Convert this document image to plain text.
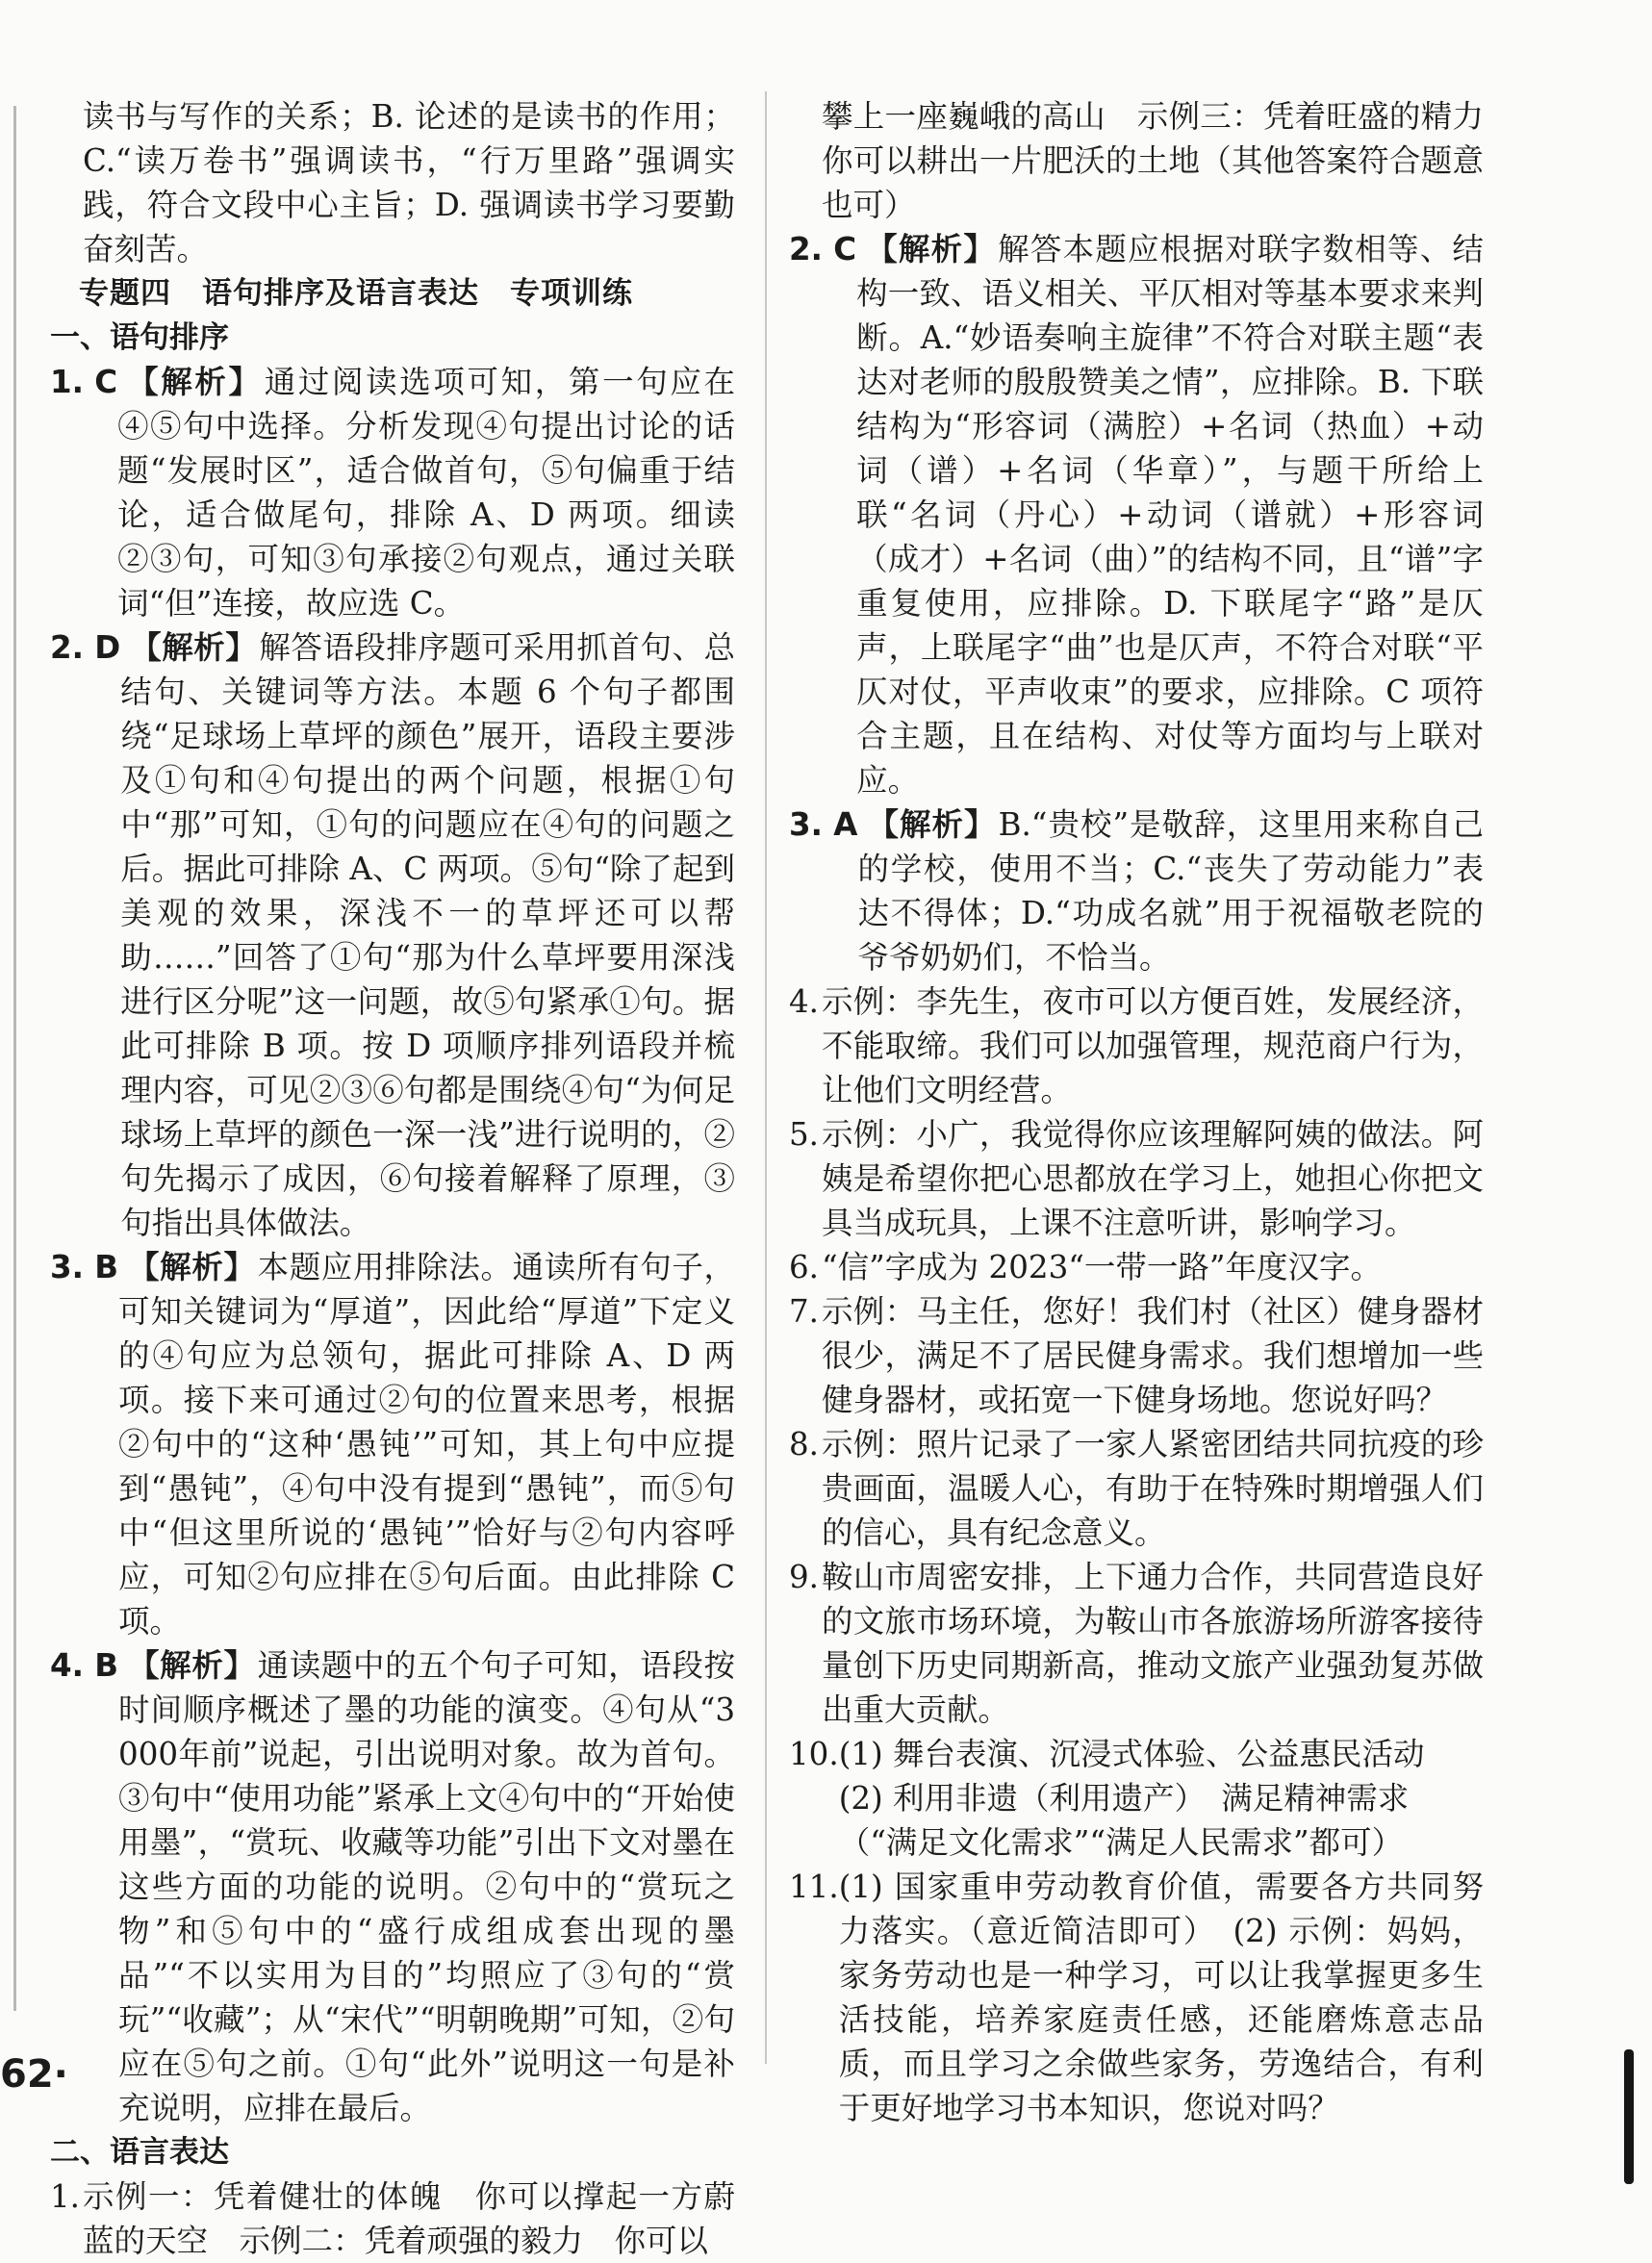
读书与写作的关系；B. 论述的是读书的作用；C.“读万卷书”强调读书，“行万里路”强调实践，符合文段中心主旨；D. 强调读书学习要勤奋刻苦。

专题四　语句排序及语言表达　专项训练

一、语句排序

1. C 【解析】通过阅读选项可知，第一句应在④⑤句中选择。分析发现④句提出讨论的话题“发展时区”，适合做首句，⑤句偏重于结论，适合做尾句，排除 A、D 两项。细读②③句，可知③句承接②句观点，通过关联词“但”连接，故应选 C。
2. D 【解析】解答语段排序题可采用抓首句、总结句、关键词等方法。本题 6 个句子都围绕“足球场上草坪的颜色”展开，语段主要涉及①句和④句提出的两个问题，根据①句中“那”可知，①句的问题应在④句的问题之后。据此可排除 A、C 两项。⑤句“除了起到美观的效果，深浅不一的草坪还可以帮助……”回答了①句“那为什么草坪要用深浅进行区分呢”这一问题，故⑤句紧承①句。据此可排除 B 项。按 D 项顺序排列语段并梳理内容，可见②③⑥句都是围绕④句“为何足球场上草坪的颜色一深一浅”进行说明的，②句先揭示了成因，⑥句接着解释了原理，③句指出具体做法。
3. B 【解析】本题应用排除法。通读所有句子，可知关键词为“厚道”，因此给“厚道”下定义的④句应为总领句，据此可排除 A、D 两项。接下来可通过②句的位置来思考，根据②句中的“这种‘愚钝’”可知，其上句中应提到“愚钝”，④句中没有提到“愚钝”，而⑤句中“但这里所说的‘愚钝’”恰好与②句内容呼应，可知②句应排在⑤句后面。由此排除 C 项。
4. B 【解析】通读题中的五个句子可知，语段按时间顺序概述了墨的功能的演变。④句从“3 000年前”说起，引出说明对象。故为首句。③句中“使用功能”紧承上文④句中的“开始使用墨”，“赏玩、收藏等功能”引出下文对墨在这些方面的功能的说明。②句中的“赏玩之物”和⑤句中的“盛行成组成套出现的墨品”“不以实用为目的”均照应了③句的“赏玩”“收藏”；从“宋代”“明朝晚期”可知，②句应在⑤句之前。①句“此外”说明这一句是补充说明，应排在最后。

二、语言表达

1. 示例一：凭着健壮的体魄　你可以撑起一方蔚蓝的天空　示例二：凭着顽强的毅力　你可以

攀上一座巍峨的高山　示例三：凭着旺盛的精力　你可以耕出一片肥沃的土地（其他答案符合题意也可）

2. C 【解析】解答本题应根据对联字数相等、结构一致、语义相关、平仄相对等基本要求来判断。A.“妙语奏响主旋律”不符合对联主题“表达对老师的殷殷赞美之情”，应排除。B. 下联结构为“形容词（满腔）+名词（热血）+动词（谱）+名词（华章）”，与题干所给上联“名词（丹心）+动词（谱就）+形容词（成才）+名词（曲）”的结构不同，且“谱”字重复使用，应排除。D. 下联尾字“路”是仄声，上联尾字“曲”也是仄声，不符合对联“平仄对仗，平声收束”的要求，应排除。C 项符合主题，且在结构、对仗等方面均与上联对应。
3. A 【解析】B.“贵校”是敬辞，这里用来称自己的学校，使用不当；C.“丧失了劳动能力”表达不得体；D.“功成名就”用于祝福敬老院的爷爷奶奶们，不恰当。
4. 示例：李先生，夜市可以方便百姓，发展经济，不能取缔。我们可以加强管理，规范商户行为，让他们文明经营。
5. 示例：小广，我觉得你应该理解阿姨的做法。阿姨是希望你把心思都放在学习上，她担心你把文具当成玩具，上课不注意听讲，影响学习。
6. “信”字成为 2023“一带一路”年度汉字。
7. 示例：马主任，您好！我们村（社区）健身器材很少，满足不了居民健身需求。我们想增加一些健身器材，或拓宽一下健身场地。您说好吗？
8. 示例：照片记录了一家人紧密团结共同抗疫的珍贵画面，温暖人心，有助于在特殊时期增强人们的信心，具有纪念意义。
9. 鞍山市周密安排，上下通力合作，共同营造良好的文旅市场环境，为鞍山市各旅游场所游客接待量创下历史同期新高，推动文旅产业强劲复苏做出重大贡献。
10. (1) 舞台表演、沉浸式体验、公益惠民活动
(2) 利用非遗（利用遗产）　满足精神需求
（“满足文化需求”“满足人民需求”都可）
11. (1) 国家重申劳动教育价值，需要各方共同努力落实。（意近简洁即可）　(2) 示例：妈妈，家务劳动也是一种学习，可以让我掌握更多生活技能，培养家庭责任感，还能磨炼意志品质，而且学习之余做些家务，劳逸结合，有利于更好地学习书本知识，您说对吗？
62·
